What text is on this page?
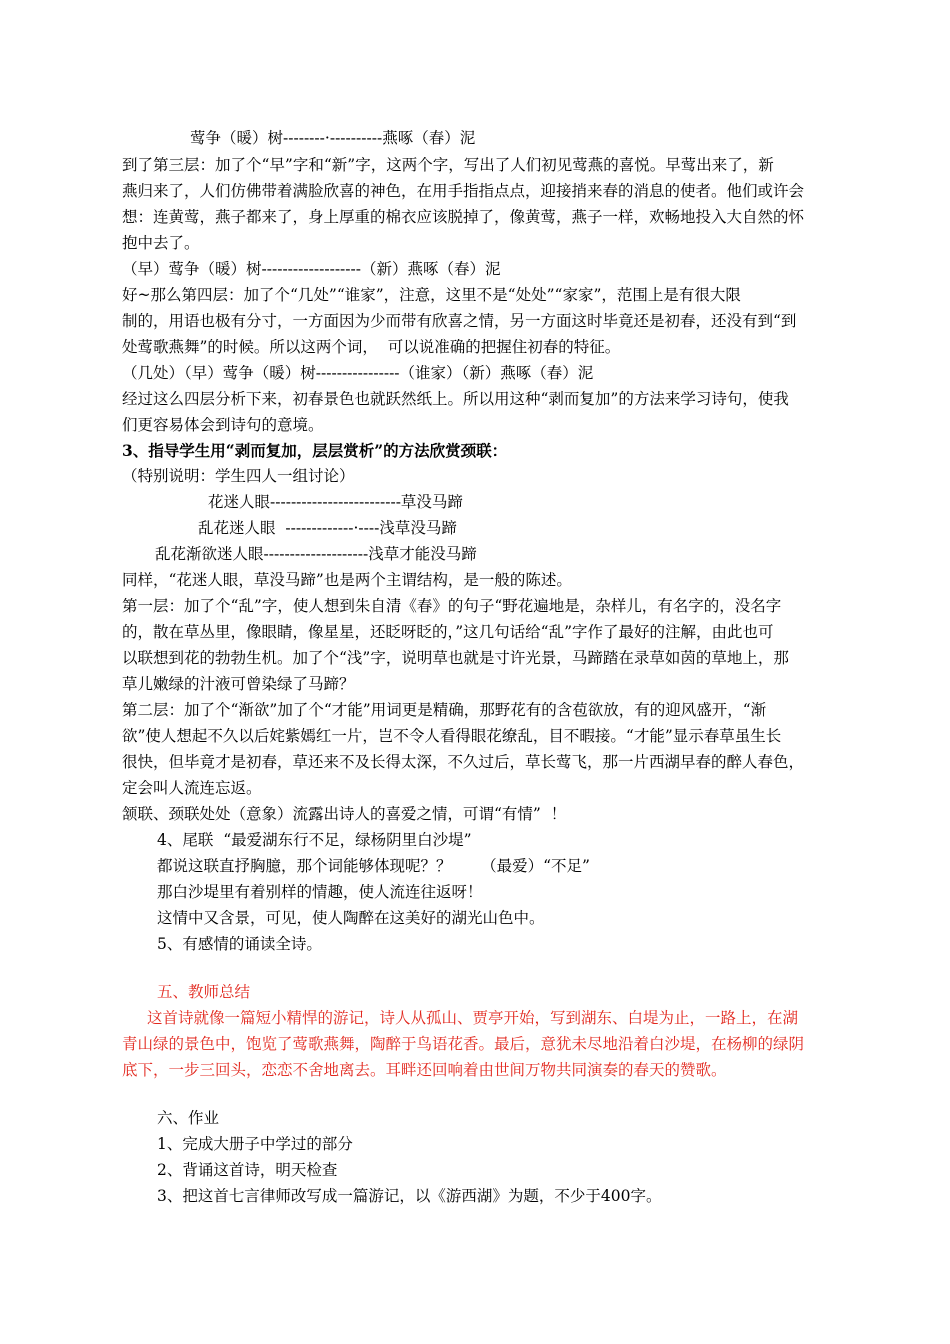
莺争（暖）树--------·----------燕啄（春）泥
到了第三层：加了个“早”字和“新”字，这两个字，写出了人们初见莺燕的喜悦。早莺出来了，新
燕归来了，人们仿佛带着满脸欣喜的神色，在用手指指点点，迎接捎来春的消息的使者。他们或许会
想：连黄莺，燕子都来了，身上厚重的棉衣应该脱掉了，像黄莺，燕子一样，欢畅地投入大自然的怀
抱中去了。
（早）莺争（暖）树-------------------（新）燕啄（春）泥
好~那么第四层：加了个“几处”“谁家”，注意，这里不是“处处”“家家”，范围上是有很大限
制的，用语也极有分寸，一方面因为少而带有欣喜之情，另一方面这时毕竟还是初春，还没有到“到
处莺歌燕舞”的时候。所以这两个词，  可以说准确的把握住初春的特征。
（几处）（早）莺争（暖）树----------------（谁家）（新）燕啄（春）泥
经过这么四层分析下来，初春景色也就跃然纸上。所以用这种“剥而复加”的方法来学习诗句，使我
们更容易体会到诗句的意境。
3、指导学生用“剥而复加，层层赏析”的方法欣赏颈联：
（特别说明：学生四人一组讨论）
花迷人眼-------------------------草没马蹄
乱花迷人眼  -------------·----浅草没马蹄
乱花渐欲迷人眼--------------------浅草才能没马蹄
同样，“花迷人眼，草没马蹄”也是两个主谓结构，是一般的陈述。
第一层：加了个“乱”字，使人想到朱自清《春》的句子“野花遍地是，杂样儿，有名字的，没名字
的，散在草丛里，像眼睛，像星星，还眨呀眨的，”这几句话给“乱”字作了最好的注解，由此也可
以联想到花的勃勃生机。加了个“浅”字，说明草也就是寸许光景，马蹄踏在录草如茵的草地上，那
草儿嫩绿的汁液可曾染绿了马蹄？
第二层：加了个“渐欲”加了个“才能”用词更是精确，那野花有的含苞欲放，有的迎风盛开，“渐
欲”使人想起不久以后姹紫嫣红一片，岂不令人看得眼花缭乱，目不暇接。“才能”显示春草虽生长
很快，但毕竟才是初春，草还来不及长得太深，不久过后，草长莺飞，那一片西湖早春的醉人春色，
定会叫人流连忘返。
颔联、颈联处处（意象）流露出诗人的喜爱之情，可谓“有情”  ！
4、尾联  “最爱湖东行不足，绿杨阴里白沙堤”
都说这联直抒胸臆，那个词能够体现呢？？      （最爱）“不足”
那白沙堤里有着别样的情趣，使人流连往返呀！
这情中又含景，可见，使人陶醉在这美好的湖光山色中。
5、有感情的诵读全诗。
五、教师总结
这首诗就像一篇短小精悍的游记，诗人从孤山、贾亭开始，写到湖东、白堤为止，一路上，在湖
青山绿的景色中，饱览了莺歌燕舞，陶醉于鸟语花香。最后，意犹未尽地沿着白沙堤，在杨柳的绿阴
底下，一步三回头，恋恋不舍地离去。耳畔还回响着由世间万物共同演奏的春天的赞歌。
六、作业
1、完成大册子中学过的部分
2、背诵这首诗，明天检查
3、把这首七言律师改写成一篇游记，以《游西湖》为题，不少于400字。
